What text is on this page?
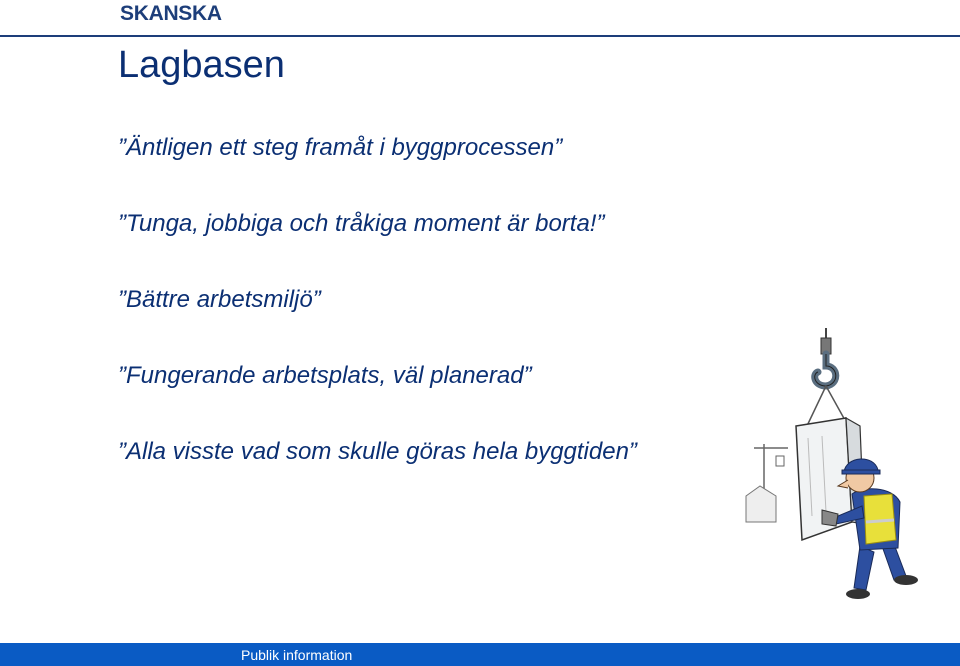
SKANSKA
Lagbasen
”Äntligen ett steg framåt i byggprocessen”
”Tunga, jobbiga och tråkiga moment är borta!”
”Bättre arbetsmiljö”
”Fungerande arbetsplats, väl planerad”
”Alla visste vad som skulle göras hela byggtiden”
Publik information
